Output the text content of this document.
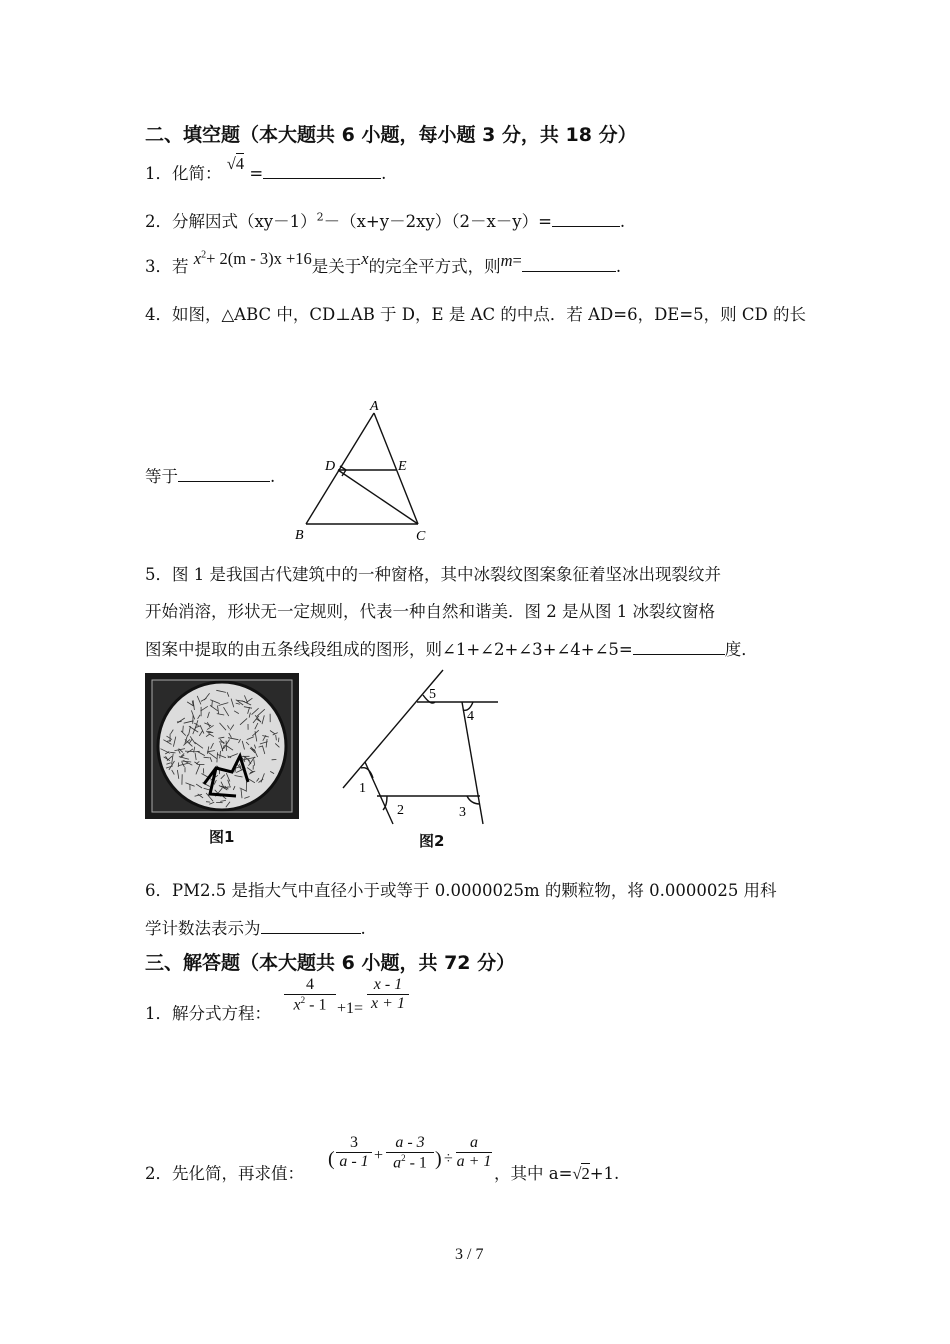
二、填空题（本大题共 6 小题，每小题 3 分，共 18 分）
1．化简： √4 =	.
2．分解因式$(xy-1)^2-(x+y-2xy)(2-x-y)=$	.
3．若 $x^2+ 2(m - 3)x +16$是关于x的完全平方式，则m=	.
4．如图，△ABC 中，CD⊥AB 于 D，E 是 AC 的中点．若 AD=6，DE=5，则 CD 的长
等于	.
A
D	E
B	C
5．图 1 是我国古代建筑中的一种窗格，其中冰裂纹图案象征着坚冰出现裂纹并
开始消溶，形状无一定规则，代表一种自然和谐美．图 2 是从图 1 冰裂纹窗格
图案中提取的由五条线段组成的图形，则∠1+∠2+∠3+∠4+∠5=	度．
图1
5
4
1
2	3
图2
6．PM2.5 是指大气中直径小于或等于 0.0000025m 的颗粒物，将 0.0000025 用科
学计数法表示为	.
三、解答题（本大题共 6 小题，共 72 分）
1．解分式方程： $\frac{4}{x^2 - 1} +1= \frac{x - 1}{x + 1}$
2．先化简，再求值：
( $\frac{3}{a - 1} + \frac{a - 3}{a^2 - 1}$ ) ÷ $\frac{a}{a + 1}$
，其中 a=√2+1.
3 / 7
